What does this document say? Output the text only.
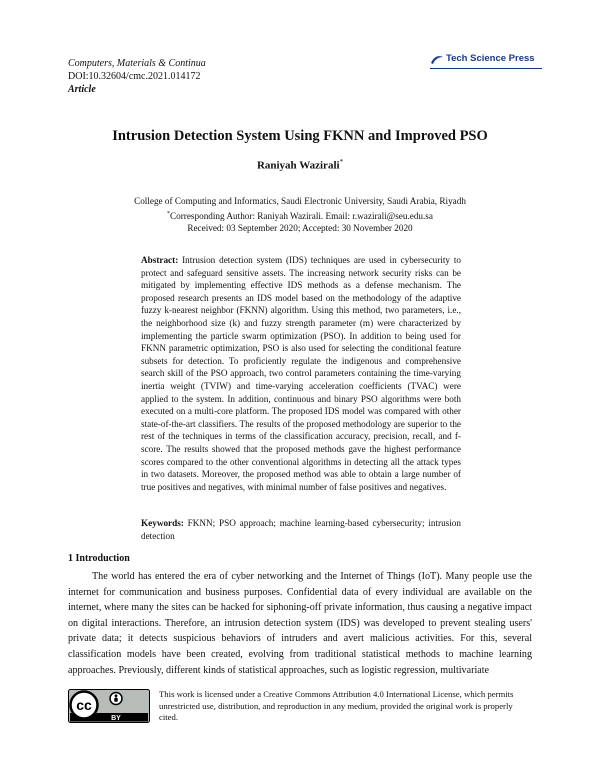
Computers, Materials & Continua
DOI:10.32604/cmc.2021.014172
Article
Tech Science Press
Intrusion Detection System Using FKNN and Improved PSO
Raniyah Wazirali*
College of Computing and Informatics, Saudi Electronic University, Saudi Arabia, Riyadh
*Corresponding Author: Raniyah Wazirali. Email: r.wazirali@seu.edu.sa
Received: 03 September 2020; Accepted: 30 November 2020
Abstract: Intrusion detection system (IDS) techniques are used in cybersecurity to protect and safeguard sensitive assets. The increasing network security risks can be mitigated by implementing effective IDS methods as a defense mechanism. The proposed research presents an IDS model based on the methodology of the adaptive fuzzy k-nearest neighbor (FKNN) algorithm. Using this method, two parameters, i.e., the neighborhood size (k) and fuzzy strength parameter (m) were characterized by implementing the particle swarm optimization (PSO). In addition to being used for FKNN parametric optimization, PSO is also used for selecting the conditional feature subsets for detection. To proficiently regulate the indigenous and comprehensive search skill of the PSO approach, two control parameters containing the time-varying inertia weight (TVIW) and time-varying acceleration coefficients (TVAC) were applied to the system. In addition, continuous and binary PSO algorithms were both executed on a multi-core platform. The proposed IDS model was compared with other state-of-the-art classifiers. The results of the proposed methodology are superior to the rest of the techniques in terms of the classification accuracy, precision, recall, and f-score. The results showed that the proposed methods gave the highest performance scores compared to the other conventional algorithms in detecting all the attack types in two datasets. Moreover, the proposed method was able to obtain a large number of true positives and negatives, with minimal number of false positives and negatives.
Keywords: FKNN; PSO approach; machine learning-based cybersecurity; intrusion detection
1 Introduction
The world has entered the era of cyber networking and the Internet of Things (IoT). Many people use the internet for communication and business purposes. Confidential data of every individual are available on the internet, where many the sites can be hacked for siphoning-off private information, thus causing a negative impact on digital interactions. Therefore, an intrusion detection system (IDS) was developed to prevent stealing users' private data; it detects suspicious behaviors of intruders and avert malicious activities. For this, several classification models have been created, evolving from traditional statistical methods to machine learning approaches. Previously, different kinds of statistical approaches, such as logistic regression, multivariate
cc
BY
This work is licensed under a Creative Commons Attribution 4.0 International License, which permits unrestricted use, distribution, and reproduction in any medium, provided the original work is properly cited.
